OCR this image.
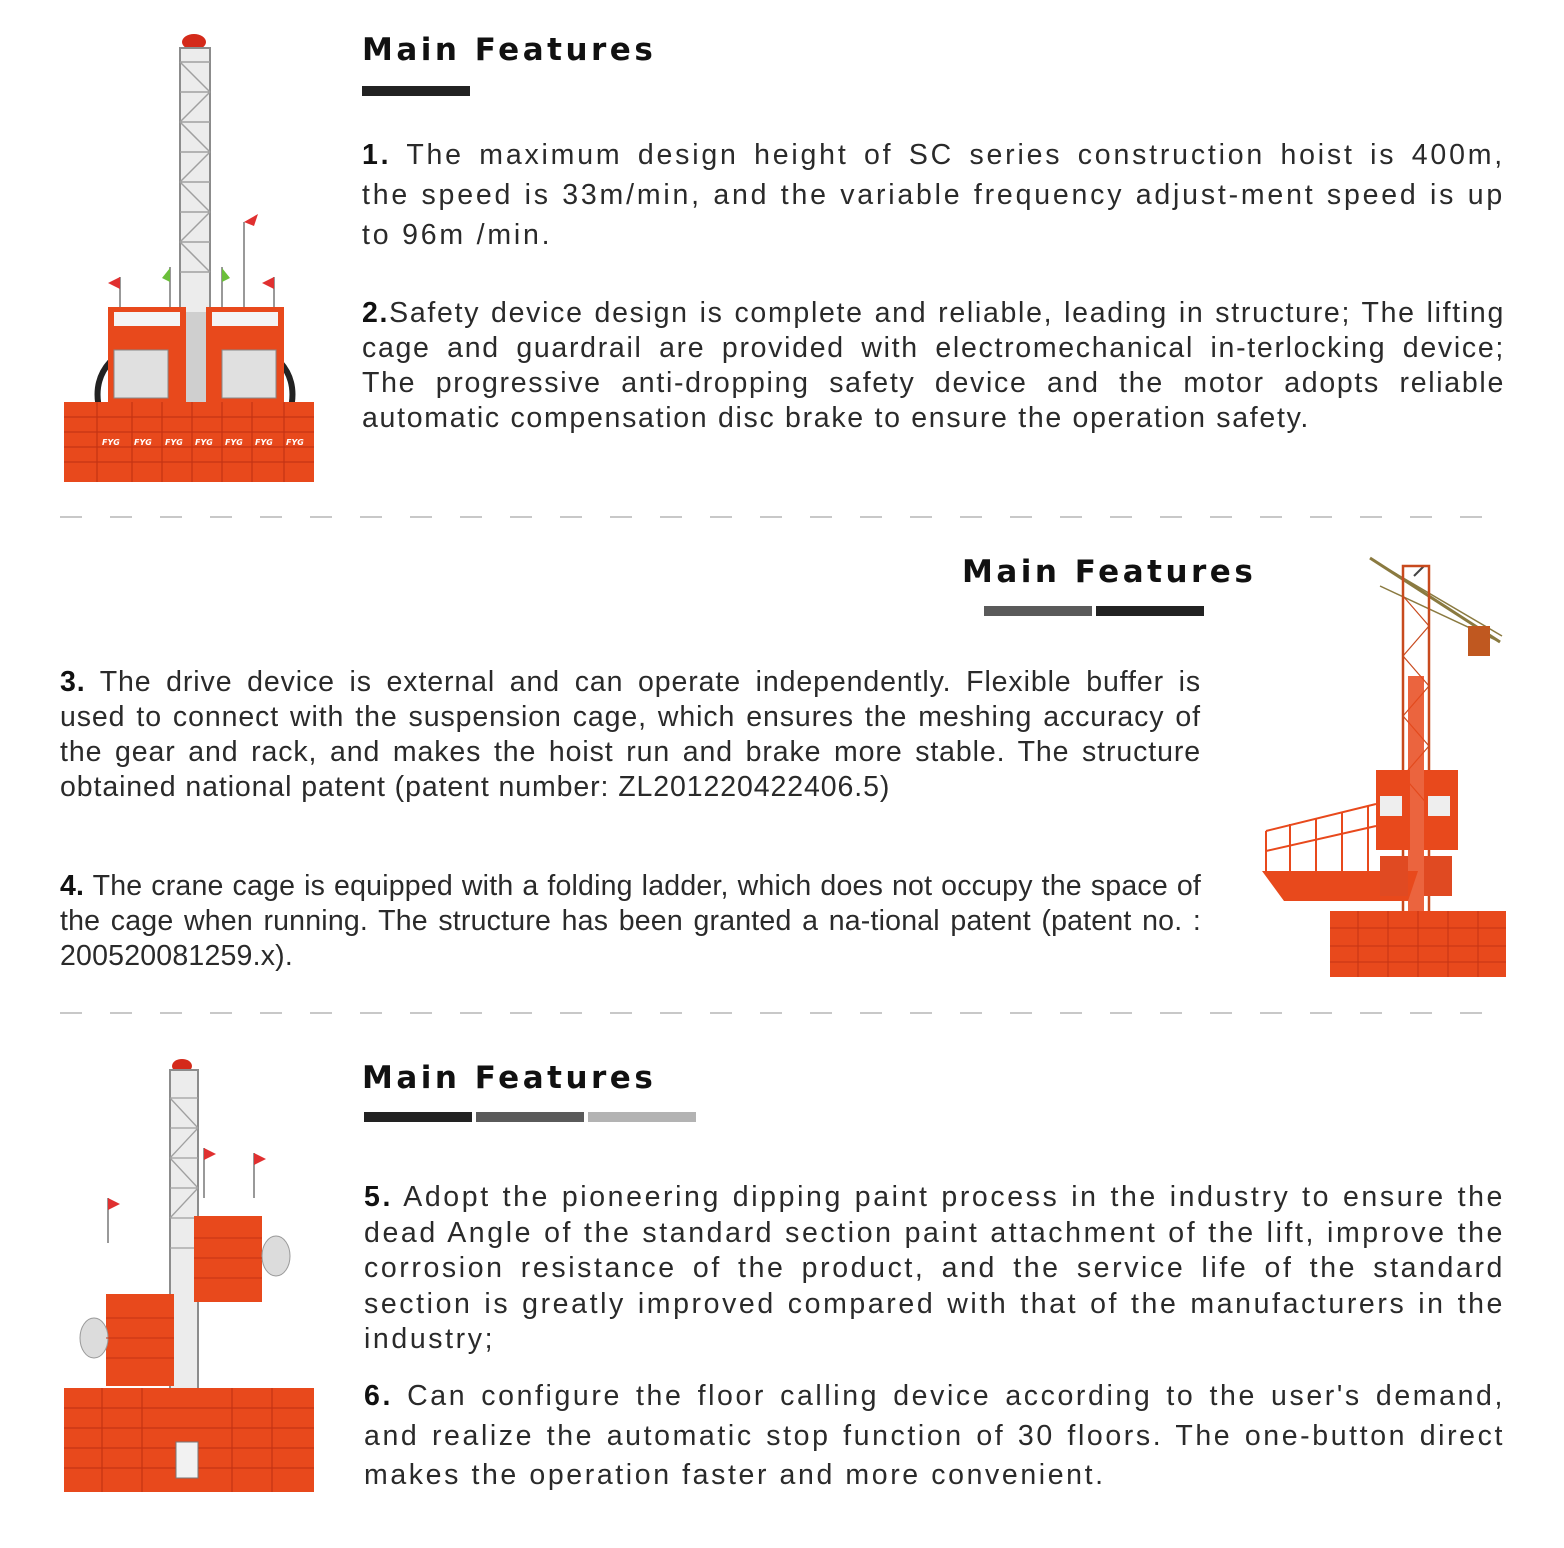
FYG FYG FYG FYG FYG FYG FYG
Main Features

1. The maximum design height of SC series construction hoist is 400m, the speed is 33m/min, and the variable frequency adjust-ment speed is up to 96m /min.

2.Safety device design is complete and reliable, leading in structure; The lifting cage and guardrail are provided with electromechanical in-terlocking device; The progressive anti-dropping safety device and the motor adopts reliable automatic compensation disc brake to ensure the operation safety.

Main Features

3. The drive device is external and can operate independently. Flexible buffer is used to connect with the suspension cage, which ensures the meshing accuracy of the gear and rack, and makes the hoist run and brake more stable. The structure obtained national patent (patent number: ZL201220422406.5)

4. The crane cage is equipped with a folding ladder, which does not occupy the space of the cage when running. The structure has been granted a na-tional patent (patent no. : 200520081259.x).

Main Features

5. Adopt the pioneering dipping paint process in the industry to ensure the dead Angle of the standard section paint attachment of the lift, improve the corrosion resistance of the product, and the service life of the standard section is greatly improved compared with that of the manufacturers in the industry;

6. Can configure the floor calling device according to the user's demand, and realize the automatic stop function of 30 floors. The one-button direct makes the operation faster and more convenient.
